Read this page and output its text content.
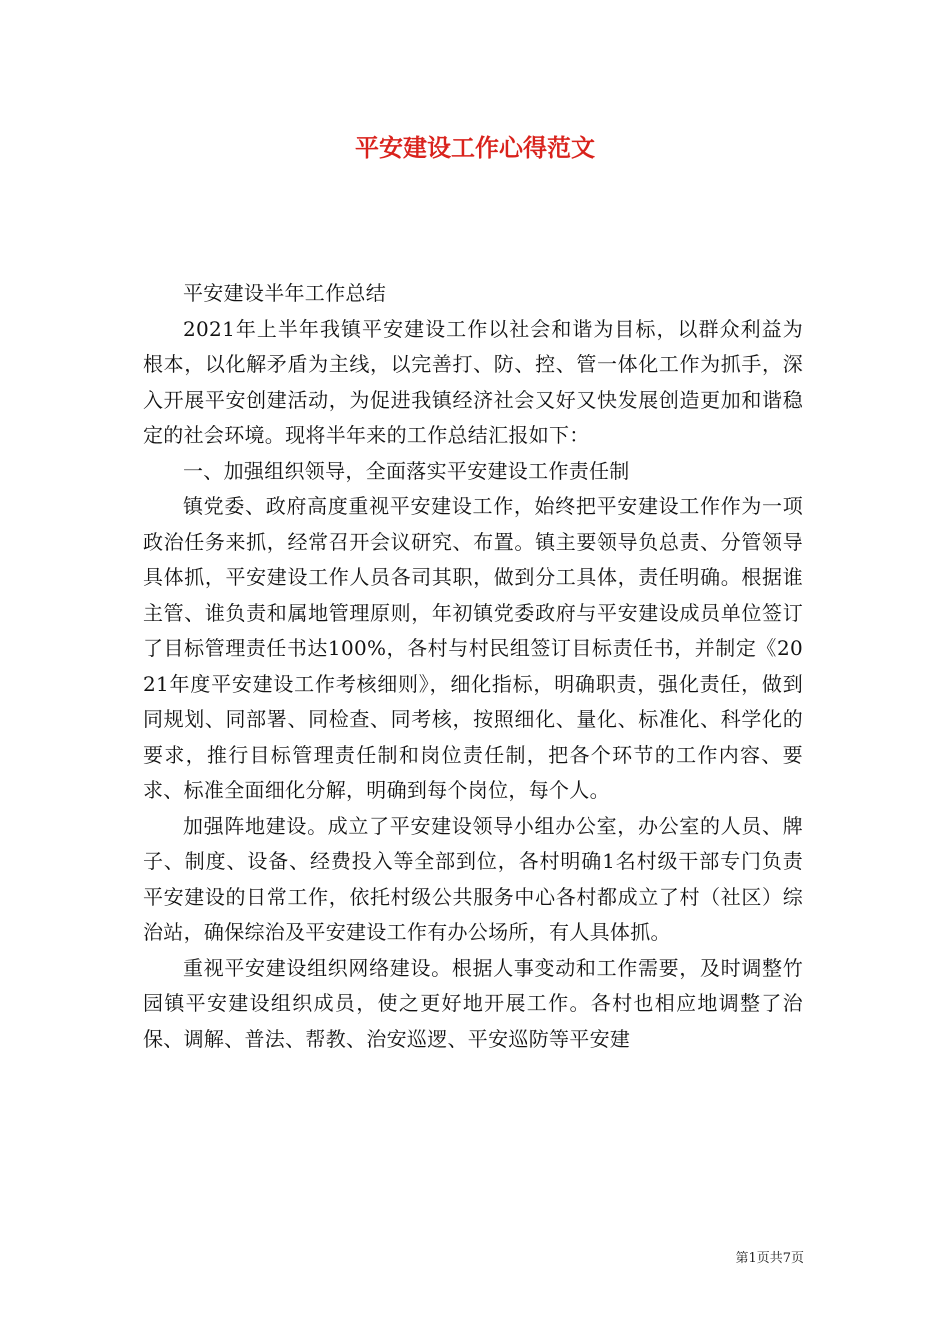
平安建设工作心得范文

平安建设半年工作总结

2021年上半年我镇平安建设工作以社会和谐为目标，以群众利益为根本，以化解矛盾为主线，以完善打、防、控、管一体化工作为抓手，深入开展平安创建活动，为促进我镇经济社会又好又快发展创造更加和谐稳定的社会环境。现将半年来的工作总结汇报如下：

一、加强组织领导，全面落实平安建设工作责任制

镇党委、政府高度重视平安建设工作，始终把平安建设工作作为一项政治任务来抓，经常召开会议研究、布置。镇主要领导负总责、分管领导具体抓，平安建设工作人员各司其职，做到分工具体，责任明确。根据谁主管、谁负责和属地管理原则，年初镇党委政府与平安建设成员单位签订了目标管理责任书达100%，各村与村民组签订目标责任书，并制定《2021年度平安建设工作考核细则》，细化指标，明确职责，强化责任，做到同规划、同部署、同检查、同考核，按照细化、量化、标准化、科学化的要求，推行目标管理责任制和岗位责任制，把各个环节的工作内容、要求、标准全面细化分解，明确到每个岗位，每个人。

加强阵地建设。成立了平安建设领导小组办公室，办公室的人员、牌子、制度、设备、经费投入等全部到位，各村明确1名村级干部专门负责平安建设的日常工作，依托村级公共服务中心各村都成立了村（社区）综治站，确保综治及平安建设工作有办公场所，有人具体抓。

重视平安建设组织网络建设。根据人事变动和工作需要，及时调整竹园镇平安建设组织成员，使之更好地开展工作。各村也相应地调整了治保、调解、普法、帮教、治安巡逻、平安巡防等平安建

第1页共7页
